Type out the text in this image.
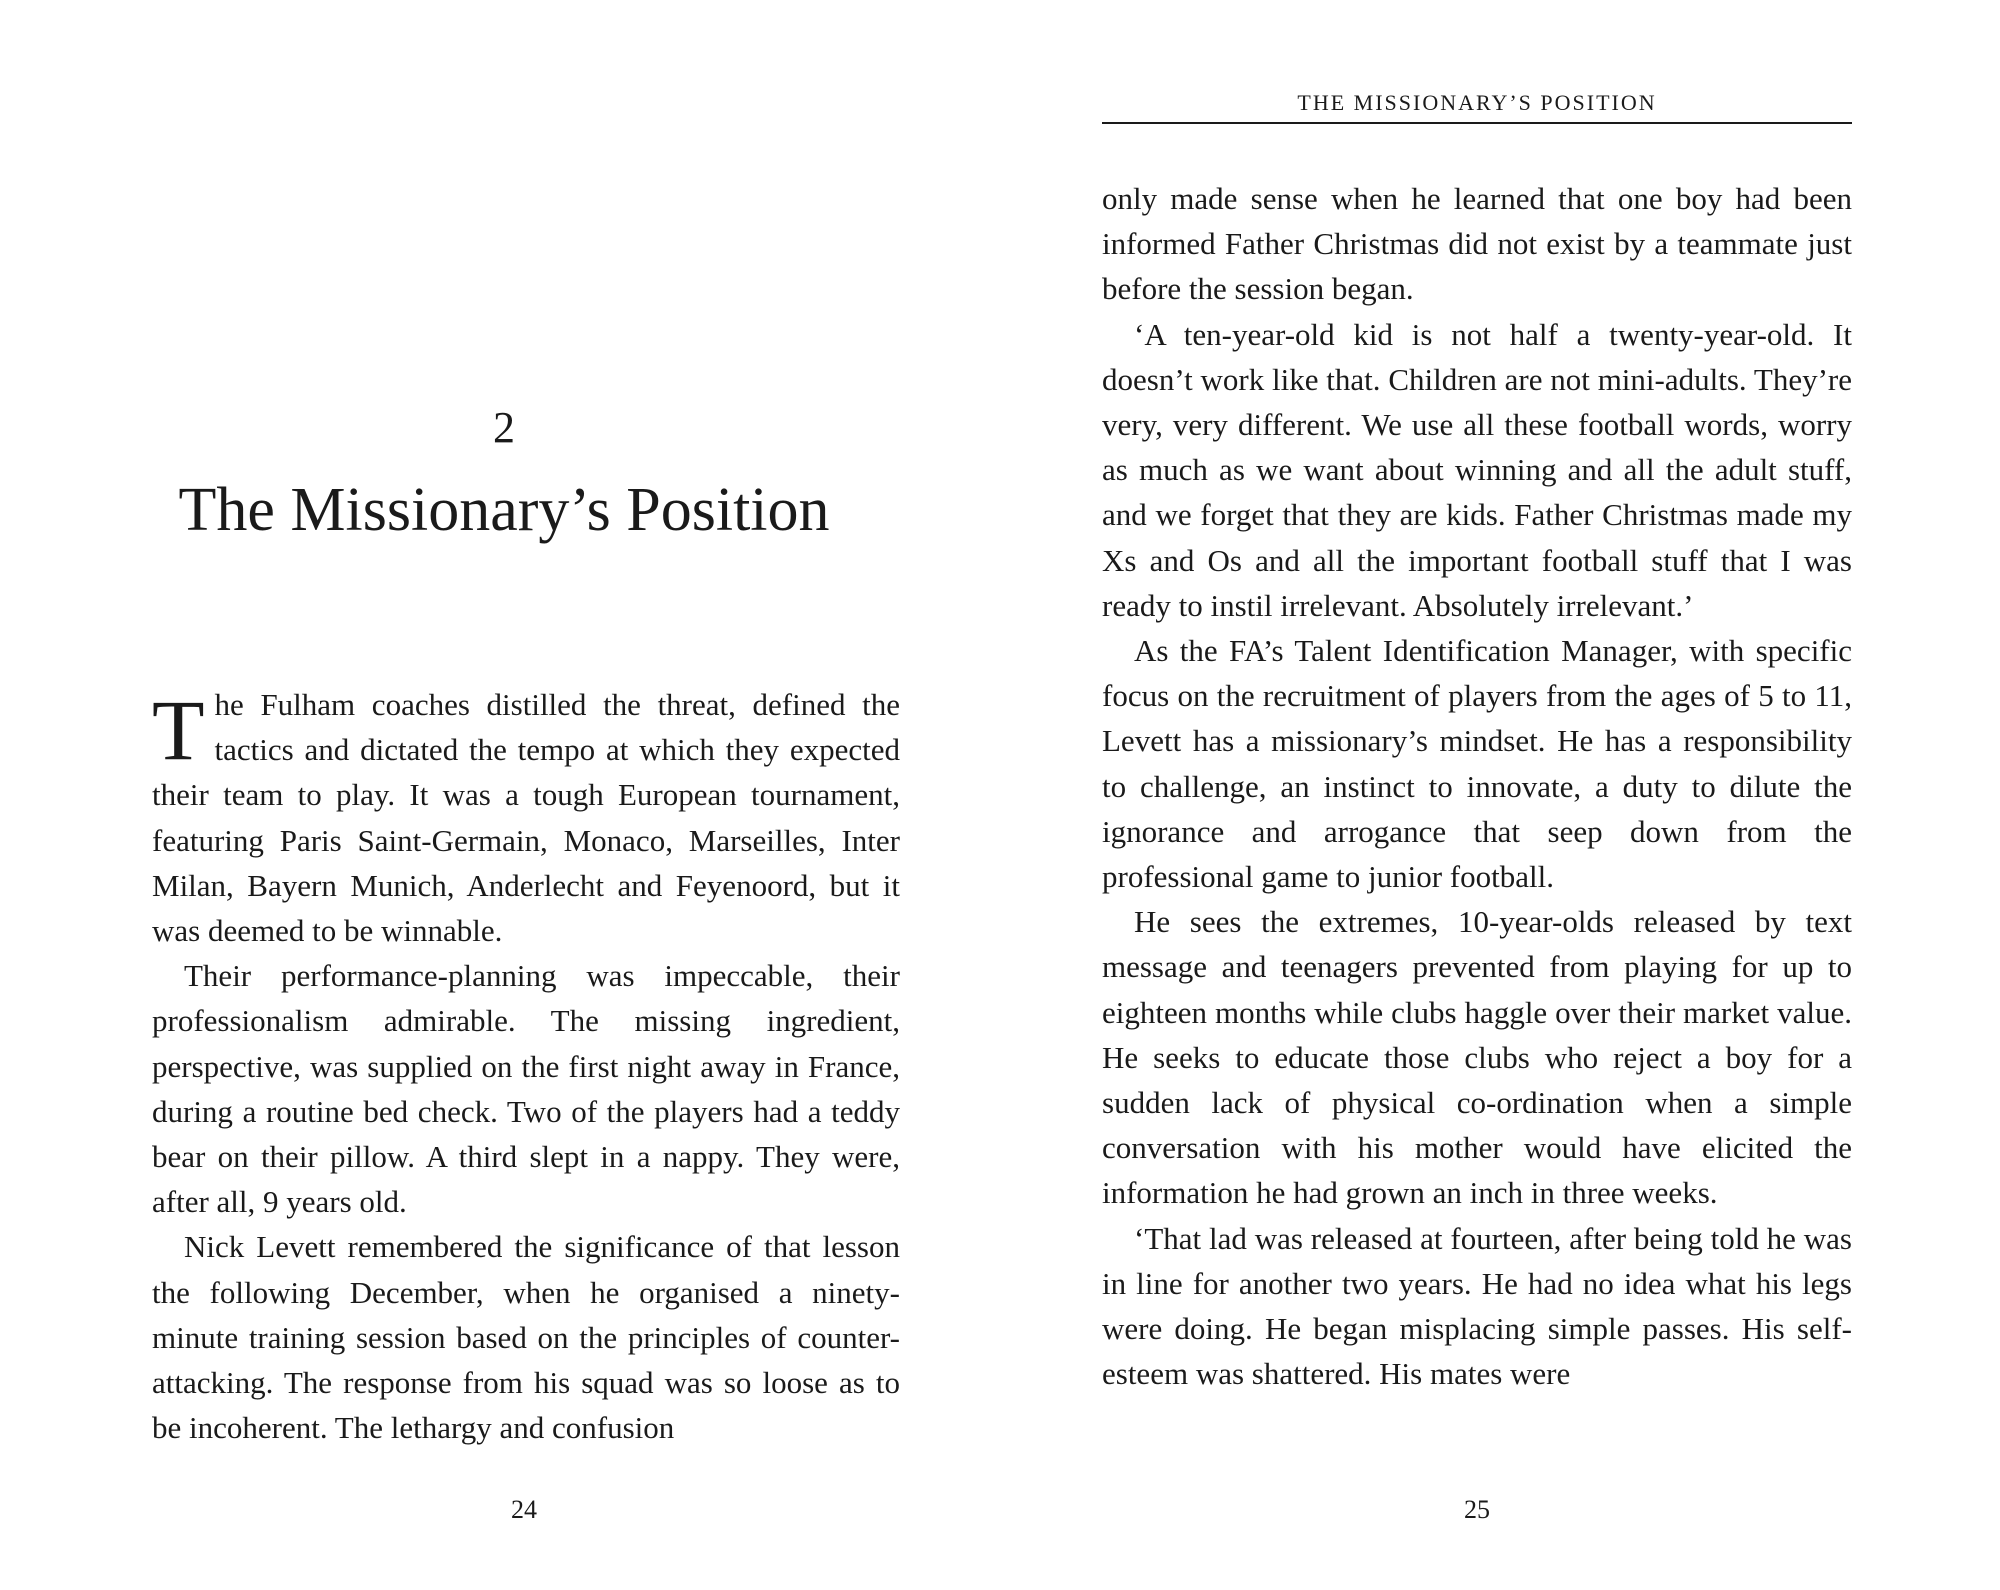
2
The Missionary’s Position

The Fulham coaches distilled the threat, defined the tactics and dictated the tempo at which they expected their team to play. It was a tough European tournament, featuring Paris Saint-Germain, Monaco, Marseilles, Inter Milan, Bayern Munich, Anderlecht and Feyenoord, but it was deemed to be winnable.

Their performance-planning was impeccable, their professionalism admirable. The missing ingredient, perspective, was supplied on the first night away in France, during a routine bed check. Two of the players had a teddy bear on their pillow. A third slept in a nappy. They were, after all, 9 years old.

Nick Levett remembered the significance of that lesson the following December, when he organised a ninety-minute training session based on the principles of counter-attacking. The response from his squad was so loose as to be incoherent. The lethargy and confusion

24
THE MISSIONARY’S POSITION

only made sense when he learned that one boy had been informed Father Christmas did not exist by a teammate just before the session began.

‘A ten-year-old kid is not half a twenty-year-old. It doesn’t work like that. Children are not mini-adults. They’re very, very different. We use all these football words, worry as much as we want about winning and all the adult stuff, and we forget that they are kids. Father Christmas made my Xs and Os and all the important football stuff that I was ready to instil irrelevant. Absolutely irrelevant.’

As the FA’s Talent Identification Manager, with specific focus on the recruitment of players from the ages of 5 to 11, Levett has a missionary’s mindset. He has a responsibility to challenge, an instinct to innovate, a duty to dilute the ignorance and arrogance that seep down from the professional game to junior football.

He sees the extremes, 10-year-olds released by text message and teenagers prevented from playing for up to eighteen months while clubs haggle over their market value. He seeks to educate those clubs who reject a boy for a sudden lack of physical co-ordination when a simple conversation with his mother would have elicited the information he had grown an inch in three weeks.

‘That lad was released at fourteen, after being told he was in line for another two years. He had no idea what his legs were doing. He began misplacing simple passes. His self-esteem was shattered. His mates were

25
